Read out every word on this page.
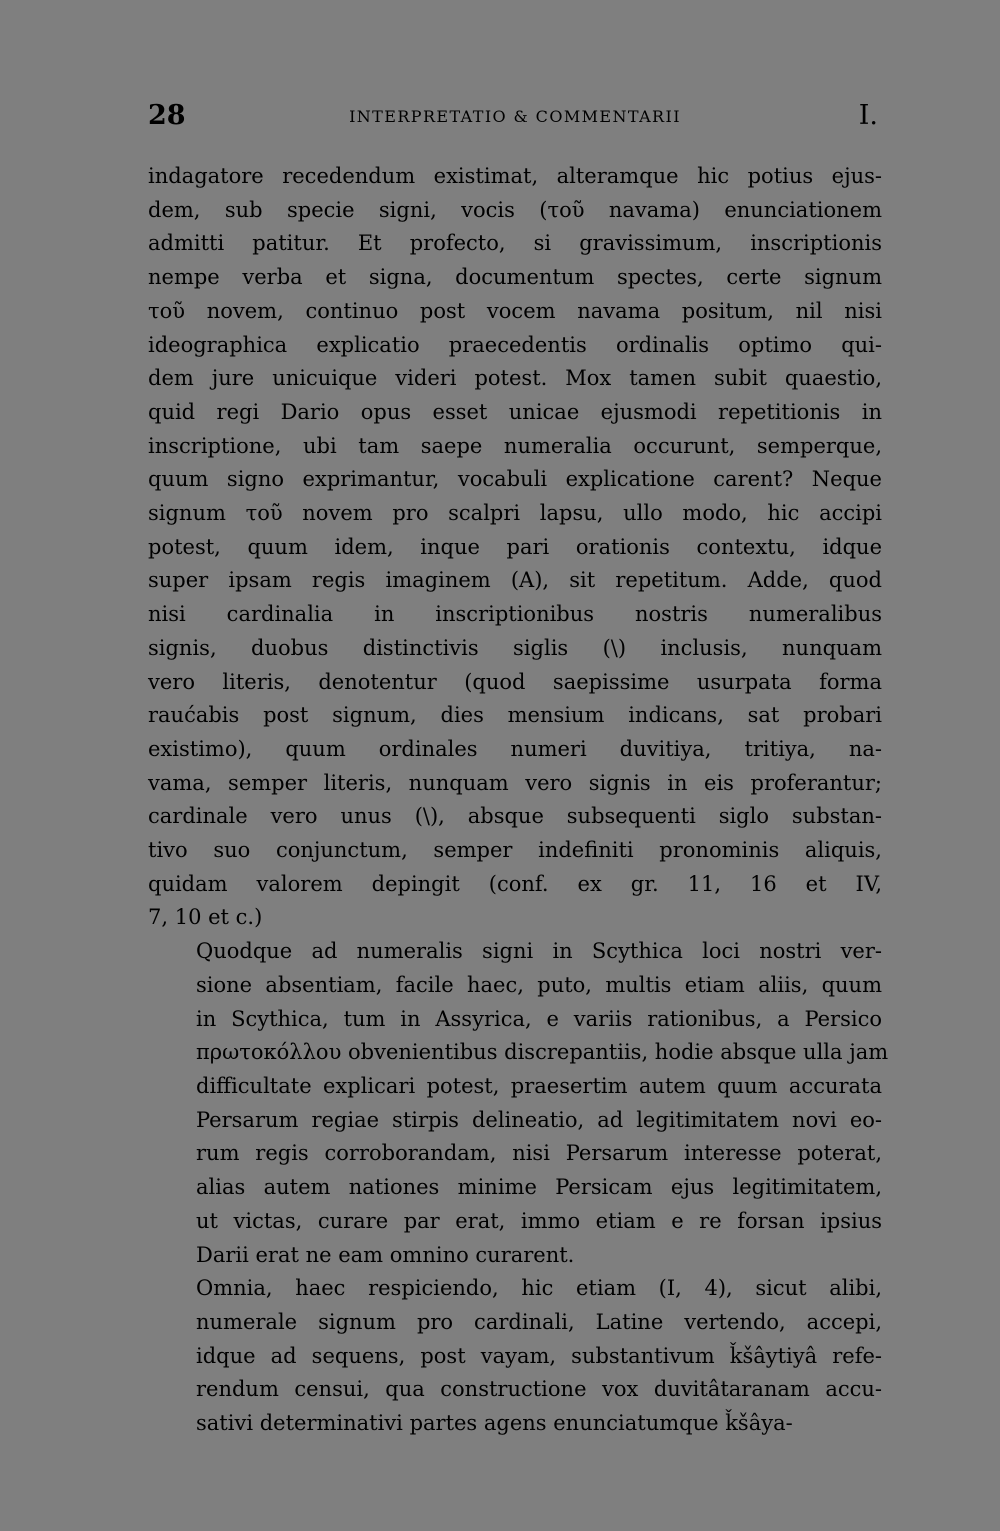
28	INTERPRETATIO & COMMENTARII	I.

indagatore recedendum existimat, alteramque hic potius ejus-
dem, sub specie signi, vocis (τοῦ navama) enunciationem
admitti patitur. Et profecto, si gravissimum, inscriptionis
nempe verba et signa, documentum spectes, certe signum
τοῦ novem, continuo post vocem navama positum, nil nisi
ideographica explicatio praecedentis ordinalis optimo qui-
dem jure unicuique videri potest. Mox tamen subit quaestio,
quid regi Dario opus esset unicae ejusmodi repetitionis in
inscriptione, ubi tam saepe numeralia occurunt, semperque,
quum signo exprimantur, vocabuli explicatione carent? Neque
signum τοῦ novem pro scalpri lapsu, ullo modo, hic accipi
potest, quum idem, inque pari orationis contextu, idque
super ipsam regis imaginem (A), sit repetitum. Adde, quod
nisi cardinalia in inscriptionibus nostris numeralibus
signis, duobus distinctivis siglis (\) inclusis, nunquam
vero literis, denotentur (quod saepissime usurpata forma
raućabis post signum, dies mensium indicans, sat probari
existimo), quum ordinales numeri duvitiya, tritiya, na-
vama, semper literis, nunquam vero signis in eis proferantur;
cardinale vero unus (\), absque subsequenti siglo substan-
tivo suo conjunctum, semper indefiniti pronominis aliquis,
quidam valorem depingit (conf. ex gr. 11, 16 et IV,
7, 10 et c.)

Quodque ad numeralis signi in Scythica loci nostri ver-
sione absentiam, facile haec, puto, multis etiam aliis, quum
in Scythica, tum in Assyrica, e variis rationibus, a Persico
πρωτοκόλλου obvenientibus discrepantiis, hodie absque ulla jam
difficultate explicari potest, praesertim autem quum accurata
Persarum regiae stirpis delineatio, ad legitimitatem novi eo-
rum regis corroborandam, nisi Persarum interesse poterat,
alias autem nationes minime Persicam ejus legitimitatem,
ut victas, curare par erat, immo etiam e re forsan ipsius
Darii erat ne eam omnino curarent.

Omnia, haec respiciendo, hic etiam (I, 4), sicut alibi,
numerale signum pro cardinali, Latine vertendo, accepi,
idque ad sequens, post vayam, substantivum ǩšâytiyâ refe-
rendum censui, qua constructione vox duvitâtaranam accu-
sativi determinativi partes agens enunciatumque ǩšâya-
